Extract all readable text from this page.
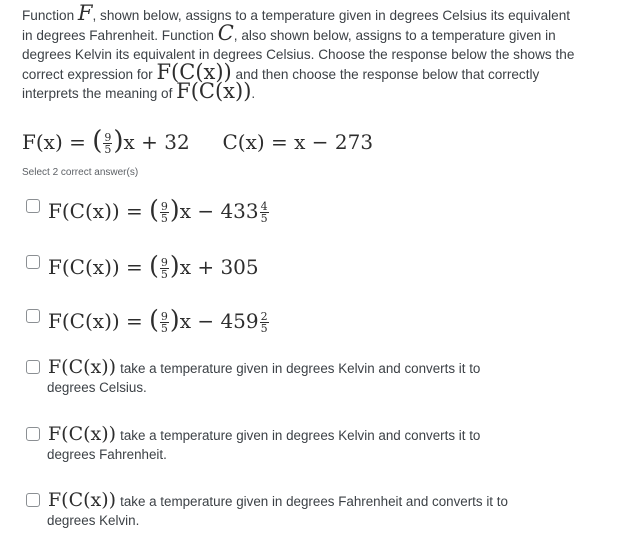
Function F, shown below, assigns to a temperature given in degrees Celsius its equivalent in degrees Fahrenheit. Function C, also shown below, assigns to a temperature given in degrees Kelvin its equivalent in degrees Celsius. Choose the response below the shows the correct expression for F(C(x)) and then choose the response below that correctly interprets the meaning of F(C(x)).
F(x) = ( $\frac{9}{5} )x + 32$ C(x) = x − 273
Select 2 correct answer(s)
F(C(x)) = ( $\frac{9}{5} )x - 433 \frac{4}{5}$
F(C(x)) = ( $\frac{9}{5} )x + 305$
F(C(x)) = ( $\frac{9}{5} )x - 459 \frac{2}{5}$
F(C(x)) take a temperature given in degrees Kelvin and converts it to
degrees Celsius.
F(C(x)) take a temperature given in degrees Kelvin and converts it to
degrees Fahrenheit.
F(C(x)) take a temperature given in degrees Fahrenheit and converts it to
degrees Kelvin.
